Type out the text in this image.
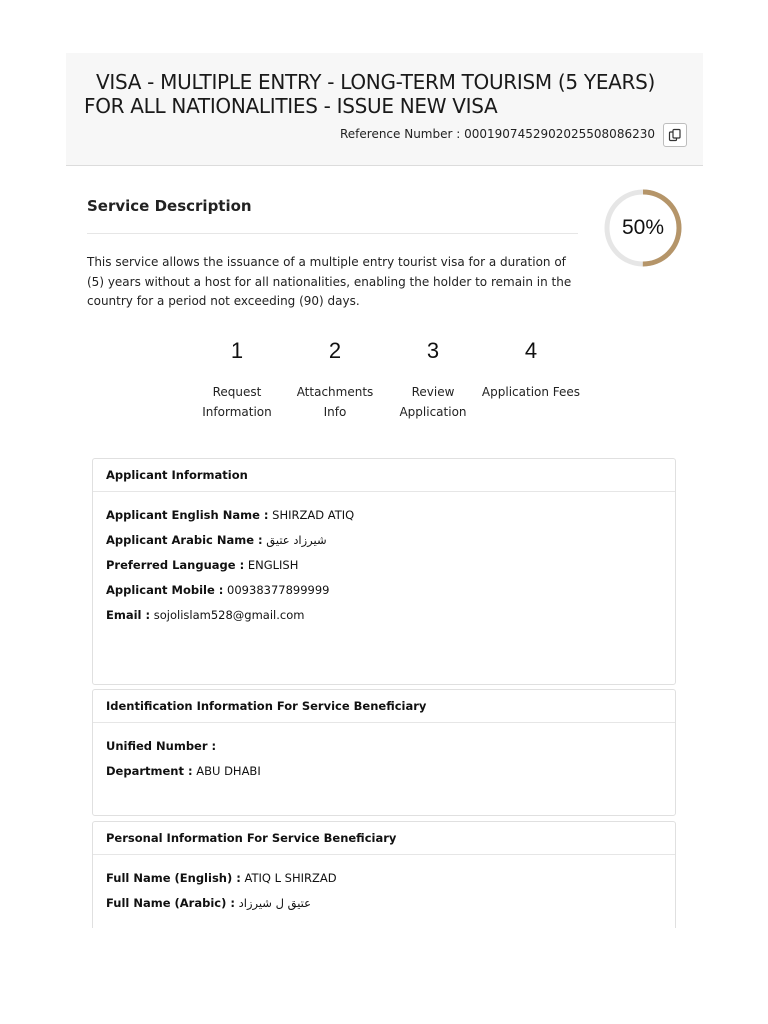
VISA - MULTIPLE ENTRY - LONG-TERM TOURISM (5 YEARS)
FOR ALL NATIONALITIES - ISSUE NEW VISA
Reference Number : 00019074529020255080862​30
Service Description
This service allows the issuance of a multiple entry tourist visa for a duration of (5) years without a host for all nationalities, enabling the holder to remain in the country for a period not exceeding (90) days.
50%
1
Request
Information
2
Attachments
Info
3
Review
Application
4
Application Fees
Applicant Information
Applicant English Name : SHIRZAD ATIQ
Applicant Arabic Name : شيرزاد عتيق
Preferred Language : ENGLISH
Applicant Mobile : 00938377899999
Email : sojolislam528@gmail.com
Identification Information For Service Beneficiary
Unified Number :
Department : ABU DHABI
Personal Information For Service Beneficiary
Full Name (English) : ATIQ L SHIRZAD
Full Name (Arabic) : عتيق ل شيرزاد
